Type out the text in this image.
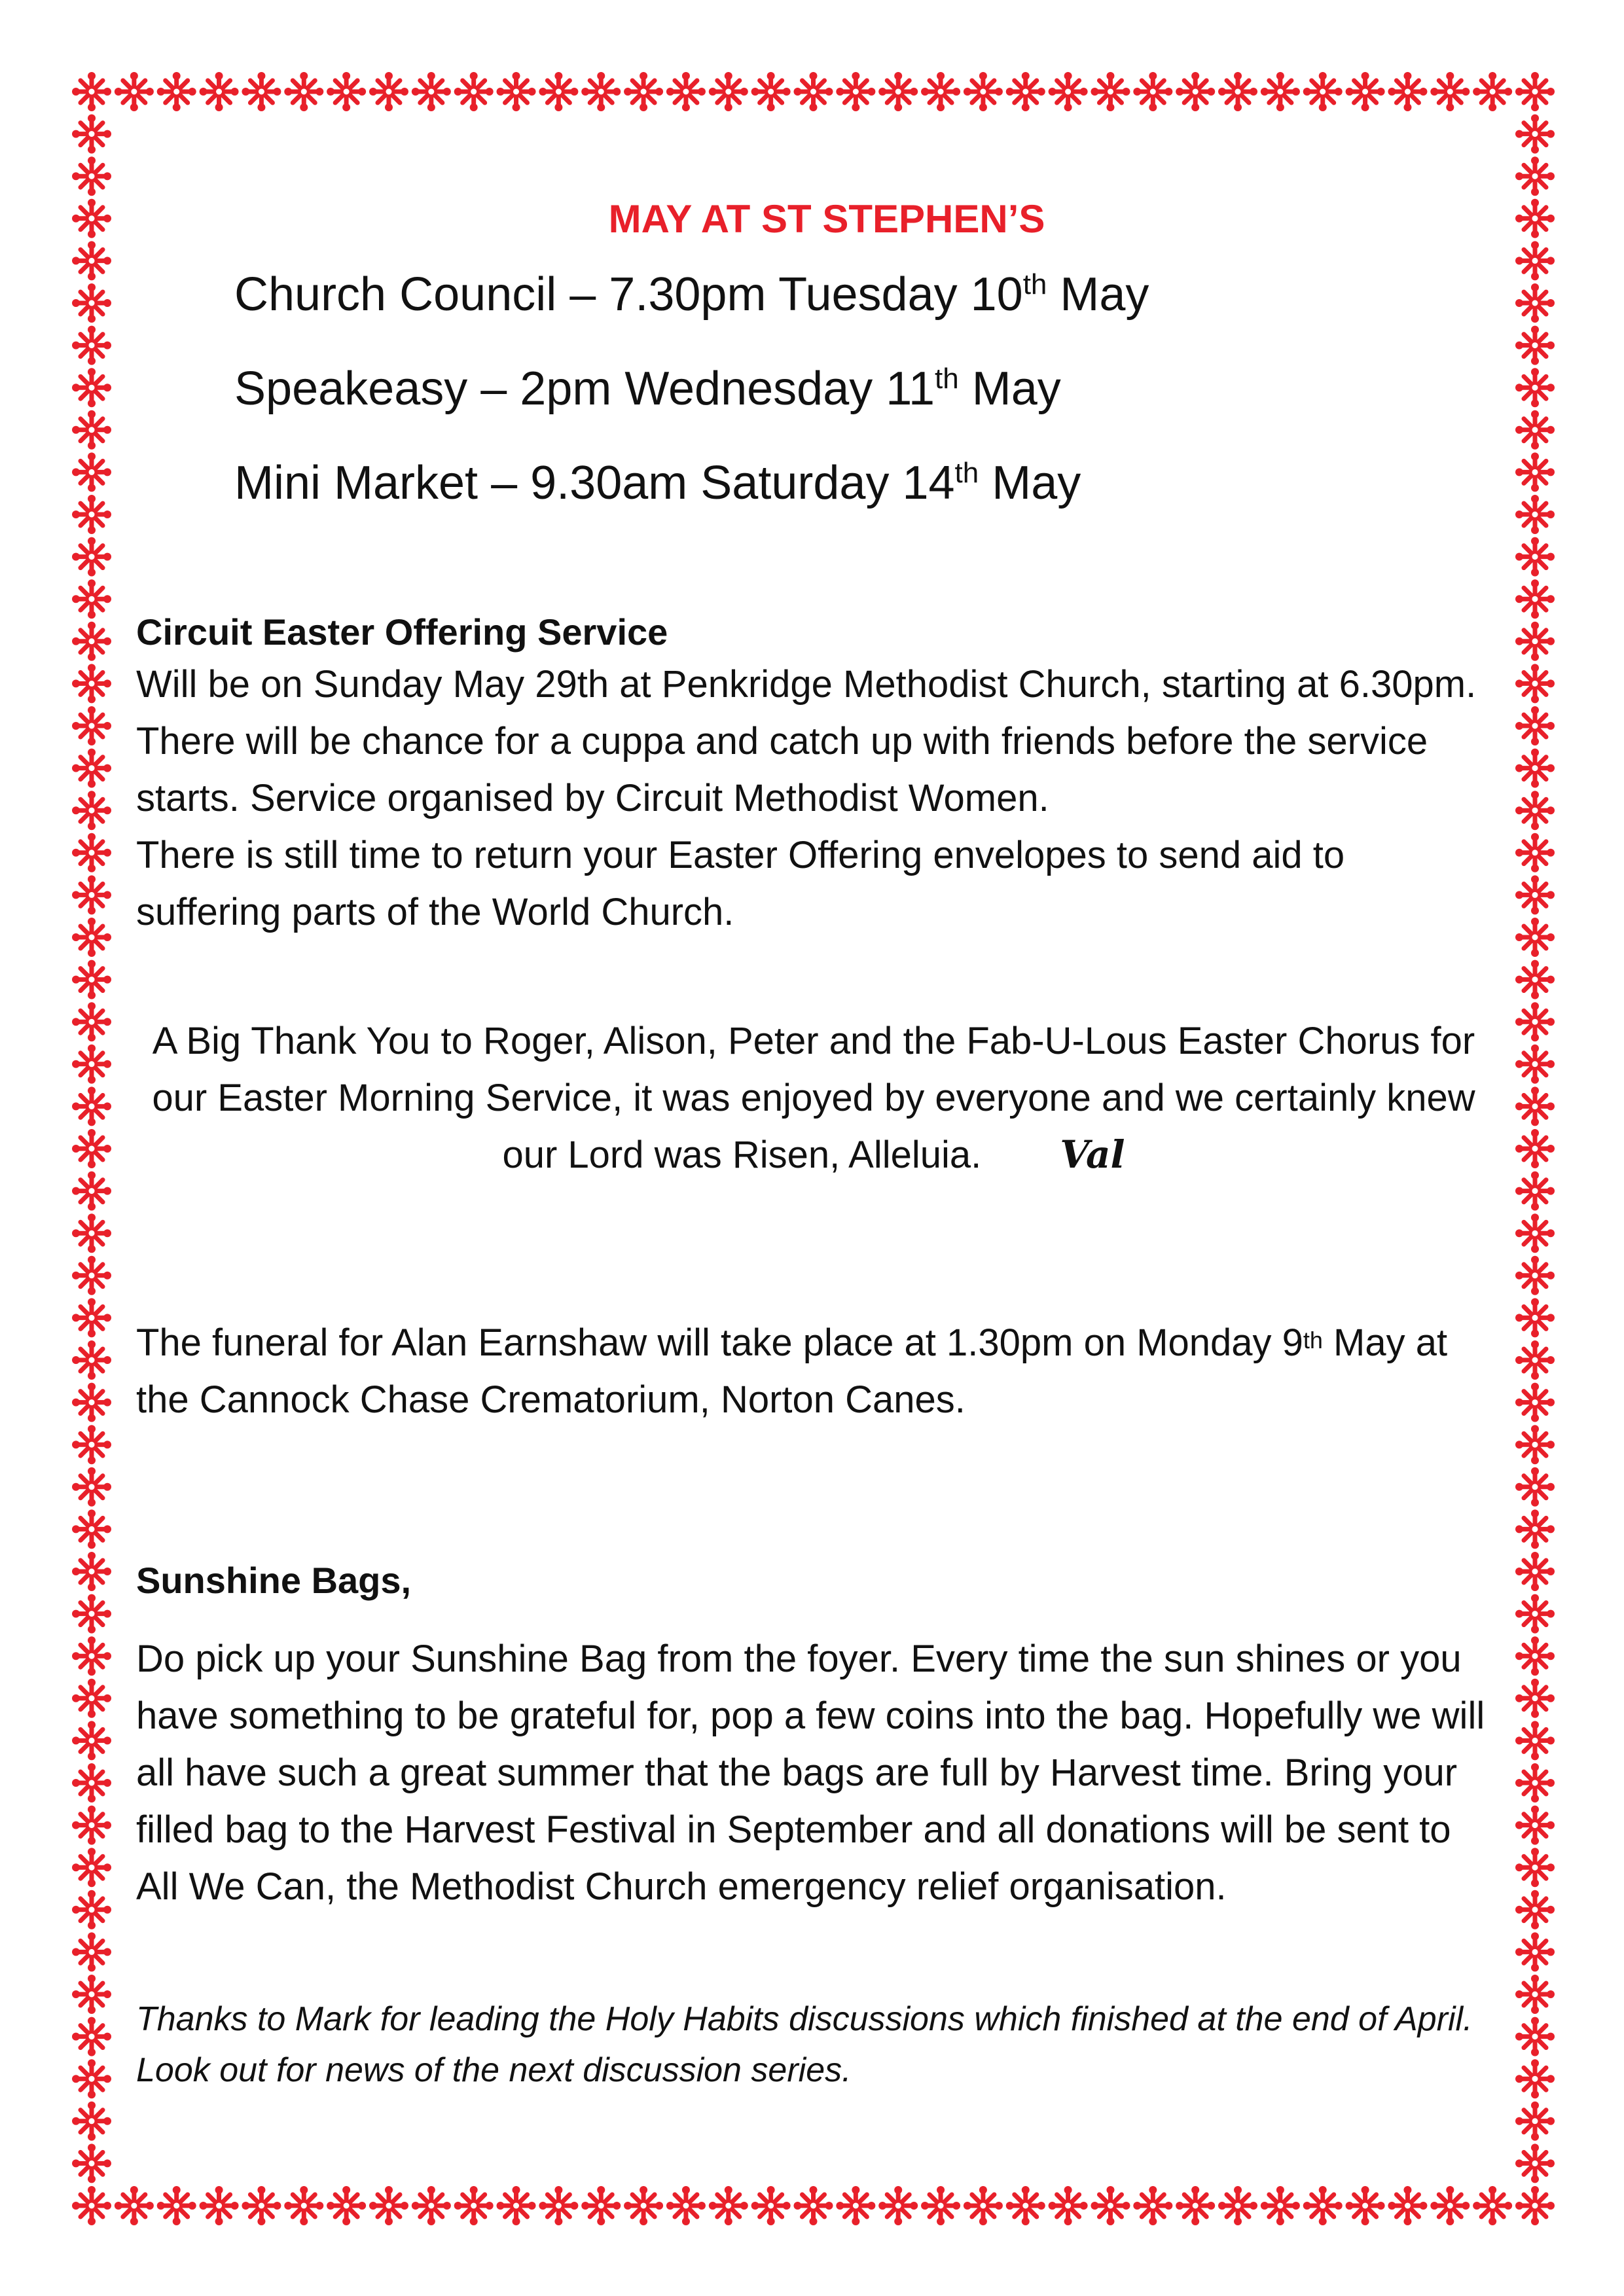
MAY AT ST STEPHEN’S
Church Council – 7.30pm Tuesday 10th May
Speakeasy – 2pm Wednesday 11th May
Mini Market – 9.30am Saturday 14th May
Circuit Easter Offering Service

Will be on Sunday May 29th at Penkridge Methodist Church, starting at 6.30pm. There will be chance for a cuppa and catch up with friends before the service starts. Service organised by Circuit Methodist Women.

There is still time to return your Easter Offering envelopes to send aid to suffering parts of the World Church.

A Big Thank You to Roger, Alison, Peter and the Fab-U-Lous Easter Chorus for our Easter Morning Service, it was enjoyed by everyone and we certainly knew our Lord was Risen, Alleluia. Val

The funeral for Alan Earnshaw will take place at 1.30pm on Monday 9th May at the Cannock Chase Crematorium, Norton Canes.

Sunshine Bags,

Do pick up your Sunshine Bag from the foyer. Every time the sun shines or you have something to be grateful for, pop a few coins into the bag. Hopefully we will all have such a great summer that the bags are full by Harvest time. Bring your filled bag to the Harvest Festival in September and all donations will be sent to All We Can, the Methodist Church emergency relief organisation.

Thanks to Mark for leading the Holy Habits discussions which finished at the end of April. Look out for news of the next discussion series.
